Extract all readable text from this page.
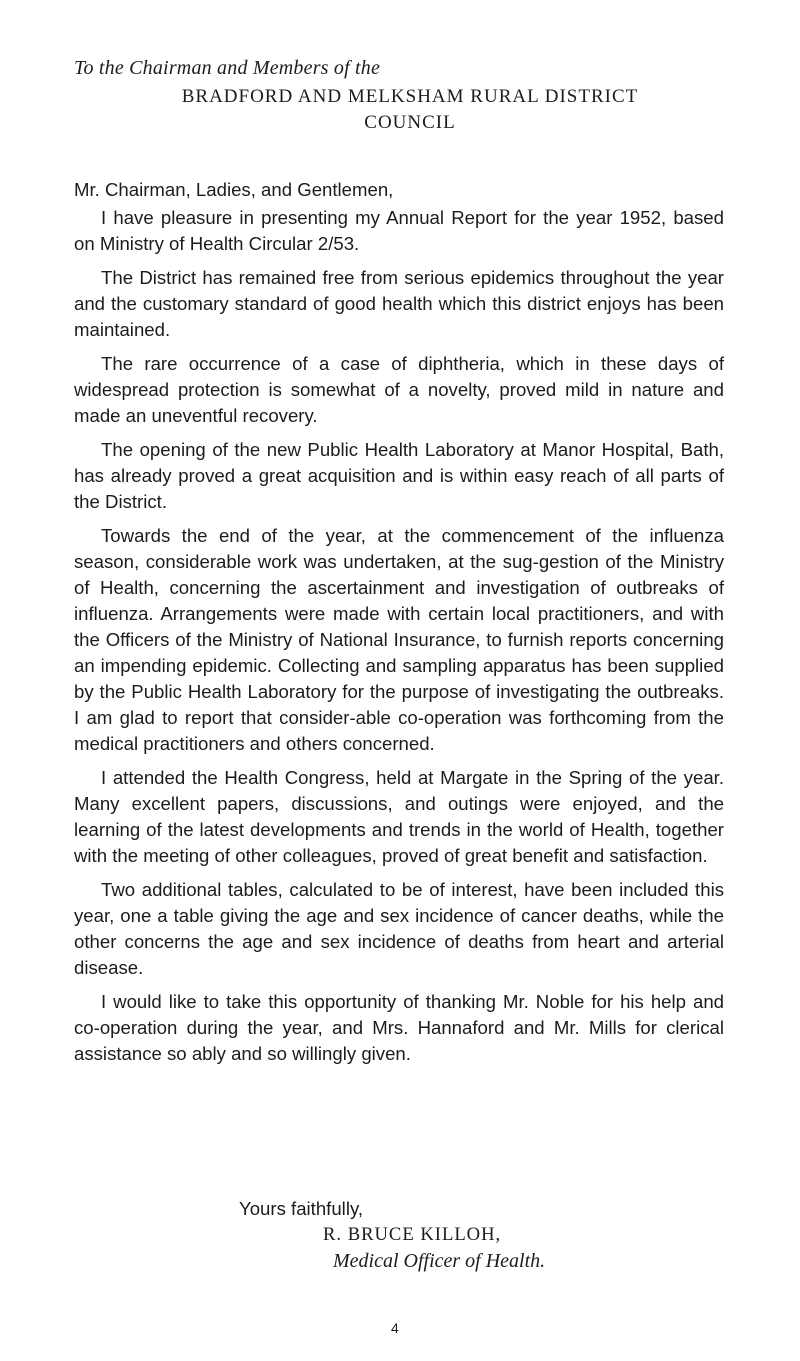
To the Chairman and Members of the

BRADFORD AND MELKSHAM RURAL DISTRICT

COUNCIL

Mr. Chairman, Ladies, and Gentlemen,

I have pleasure in presenting my Annual Report for the year 1952, based on Ministry of Health Circular 2/53.

The District has remained free from serious epidemics throughout the year and the customary standard of good health which this district enjoys has been maintained.

The rare occurrence of a case of diphtheria, which in these days of widespread protection is somewhat of a novelty, proved mild in nature and made an uneventful recovery.

The opening of the new Public Health Laboratory at Manor Hospital, Bath, has already proved a great acquisition and is within easy reach of all parts of the District.

Towards the end of the year, at the commencement of the influenza season, considerable work was undertaken, at the sug-gestion of the Ministry of Health, concerning the ascertainment and investigation of outbreaks of influenza. Arrangements were made with certain local practitioners, and with the Officers of the Ministry of National Insurance, to furnish reports concerning an impending epidemic. Collecting and sampling apparatus has been supplied by the Public Health Laboratory for the purpose of investigating the outbreaks. I am glad to report that consider-able co-operation was forthcoming from the medical practitioners and others concerned.

I attended the Health Congress, held at Margate in the Spring of the year. Many excellent papers, discussions, and outings were enjoyed, and the learning of the latest developments and trends in the world of Health, together with the meeting of other colleagues, proved of great benefit and satisfaction.

Two additional tables, calculated to be of interest, have been included this year, one a table giving the age and sex incidence of cancer deaths, while the other concerns the age and sex incidence of deaths from heart and arterial disease.

I would like to take this opportunity of thanking Mr. Noble for his help and co-operation during the year, and Mrs. Hannaford and Mr. Mills for clerical assistance so ably and so willingly given.

Yours faithfully,

R. BRUCE KILLOH,

Medical Officer of Health.

4
